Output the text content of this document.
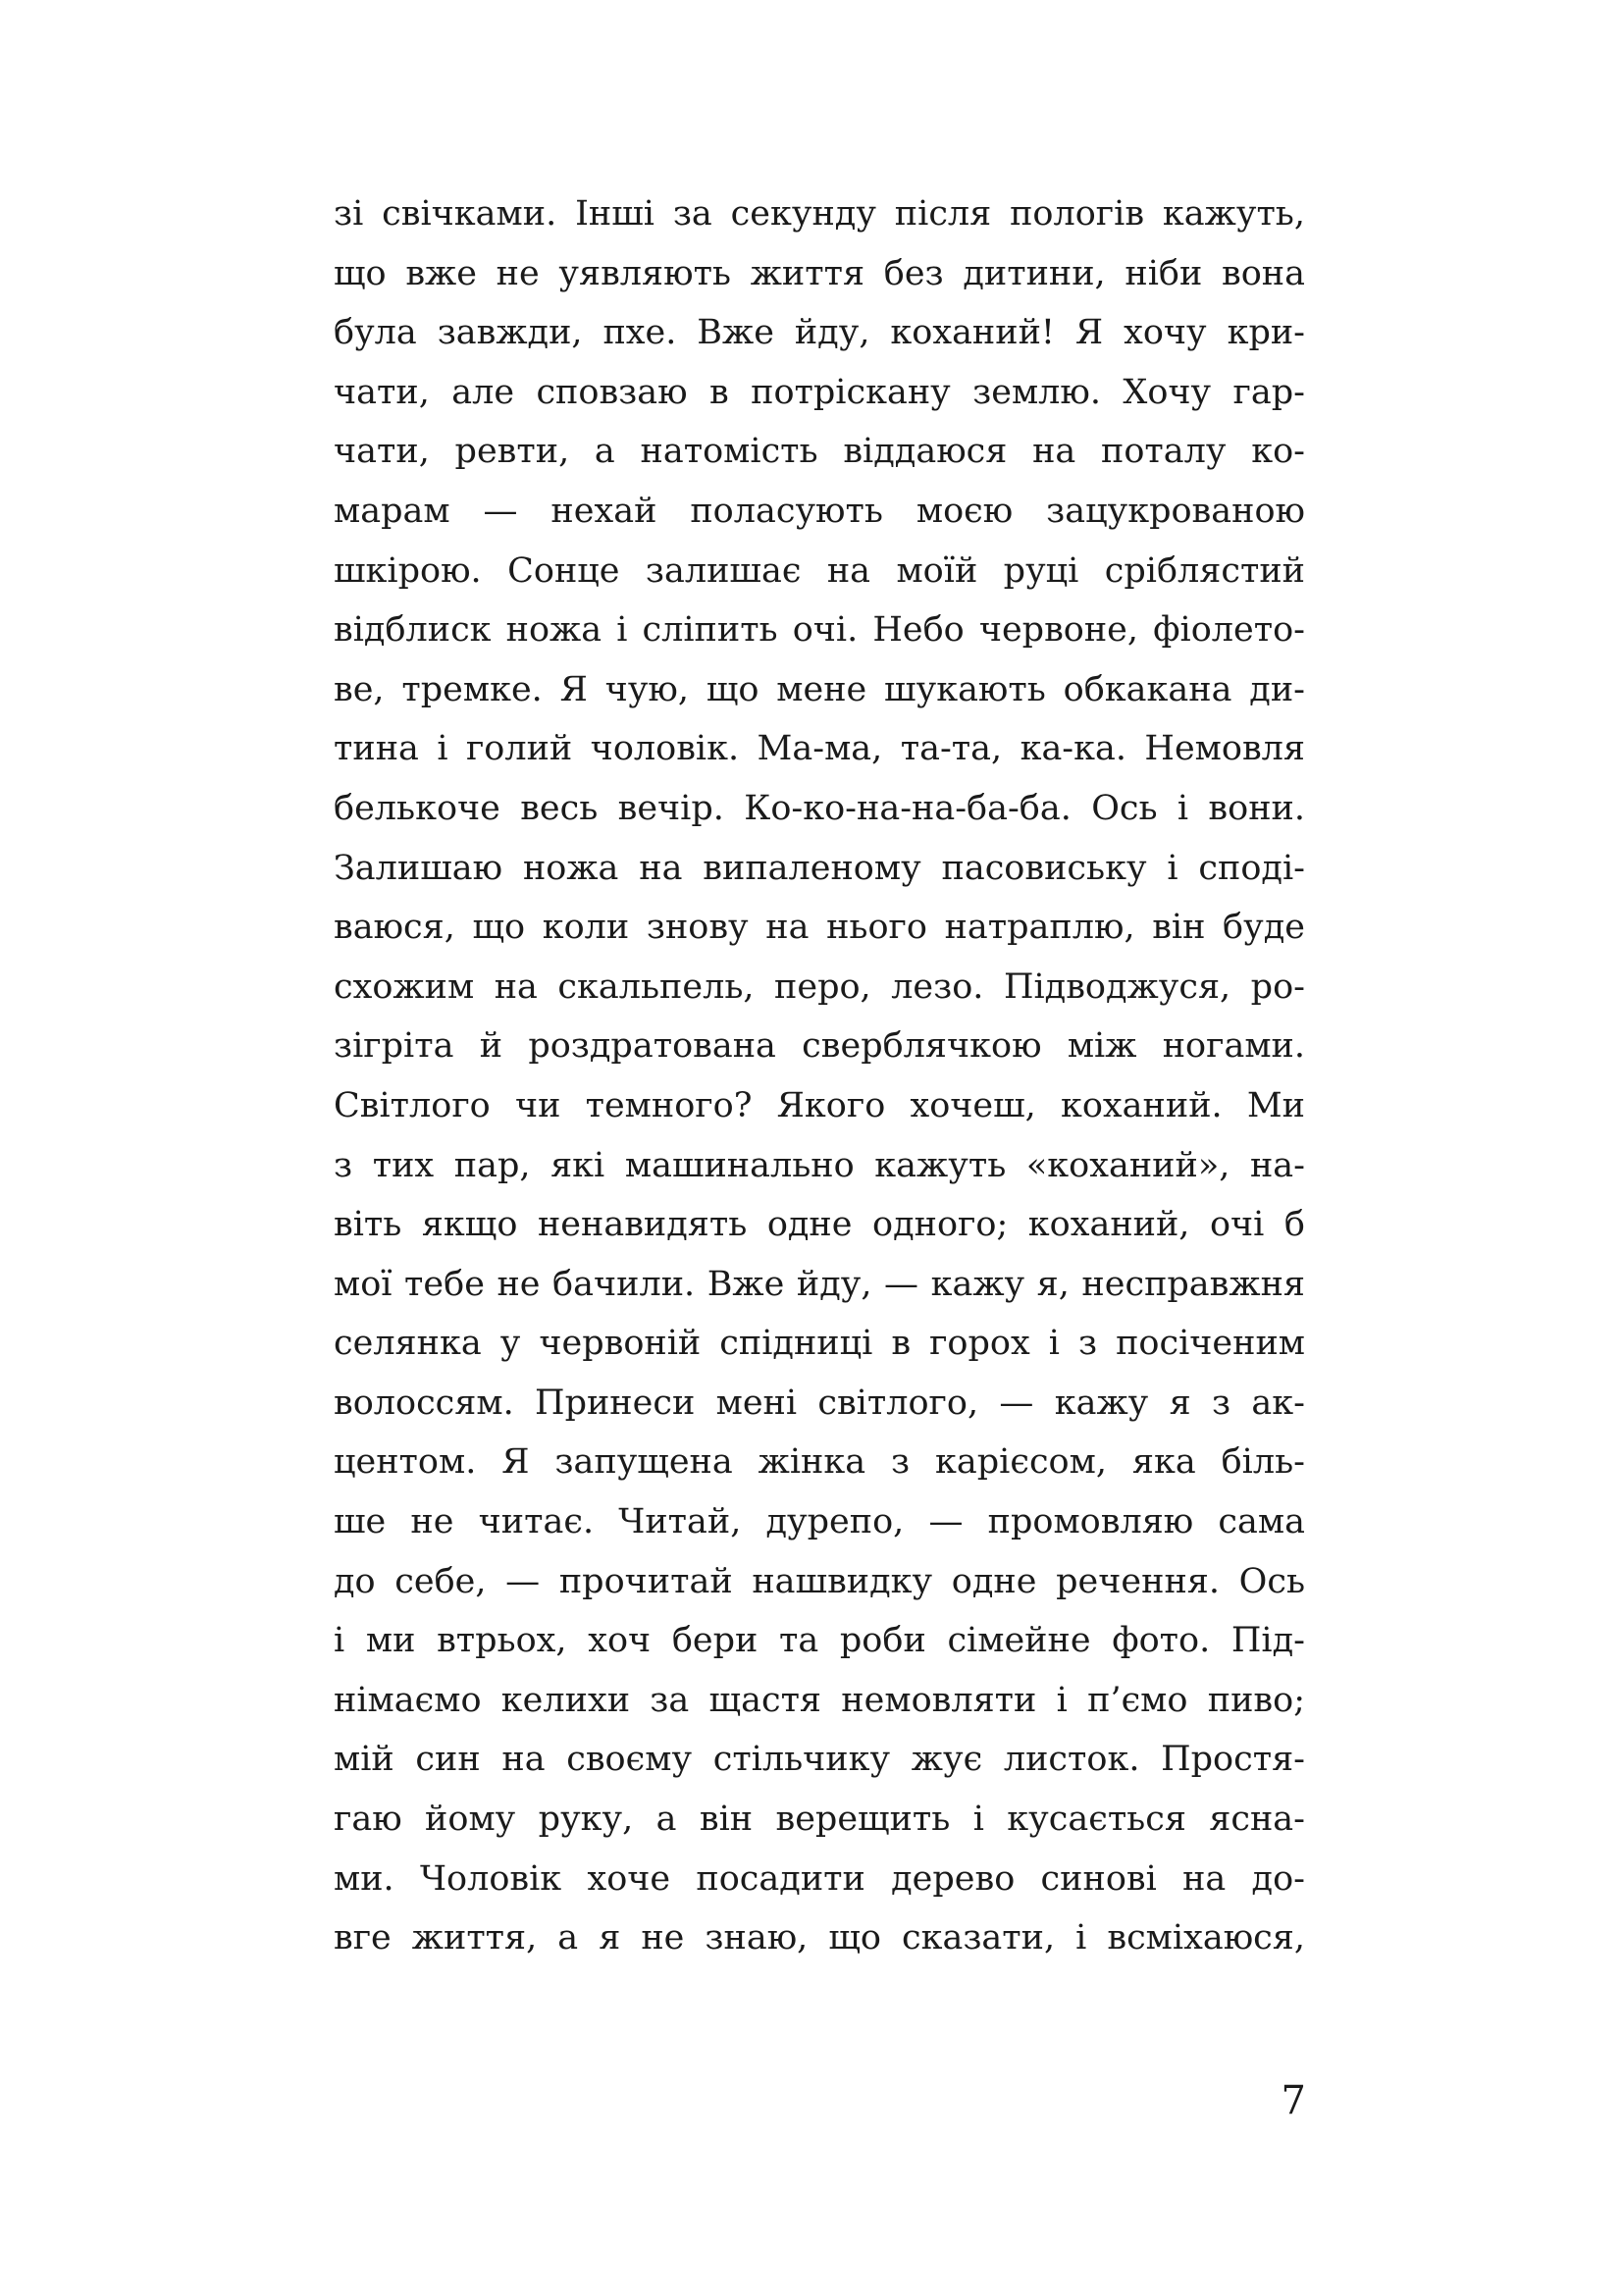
зі свічками. Інші за секунду після пологів кажуть,
що вже не уявляють життя без дитини, ніби вона
була завжди, пхе. Вже йду, коханий! Я хочу кри-
чати, але сповзаю в потріскану землю. Хочу гар-
чати, ревти, а натомість віддаюся на поталу ко-
марам — нехай поласують моєю зацукрованою
шкірою. Сонце залишає на моїй руці сріблястий
відблиск ножа і сліпить очі. Небо червоне, фіолето-
ве, тремке. Я чую, що мене шукають обкакана ди-
тина і голий чоловік. Ма-ма, та-та, ка-ка. Немовля
белькоче весь вечір. Ко-ко-на-на-ба-ба. Ось і вони.
Залишаю ножа на випаленому пасовиську і сподi-
ваюся, що коли знову на нього натраплю, він буде
схожим на скальпель, перо, лезо. Підводжуся, ро-
зігріта й роздратована сверблячкою між ногами.
Світлого чи темного? Якого хочеш, коханий. Ми
з тих пар, які машинально кажуть «коханий», на-
віть якщо ненавидять одне одного; коханий, очі б
мої тебе не бачили. Вже йду, — кажу я, несправжня
селянка у червоній спідниці в горох і з посіченим
волоссям. Принеси мені світлого, — кажу я з ак-
центом. Я запущена жінка з карієсом, яка біль-
ше не читає. Читай, дурепо, — промовляю сама
до себе, — прочитай нашвидку одне речення. Ось
і ми втрьох, хоч бери та роби сімейне фото. Під-
німаємо келихи за щастя немовляти і п’ємо пиво;
мій син на своєму стільчику жує листок. Простя-
гаю йому руку, а він верещить і кусається ясна-
ми. Чоловік хоче посадити дерево синові на до-
вге життя, а я не знаю, що сказати, і всміхаюся,
7
